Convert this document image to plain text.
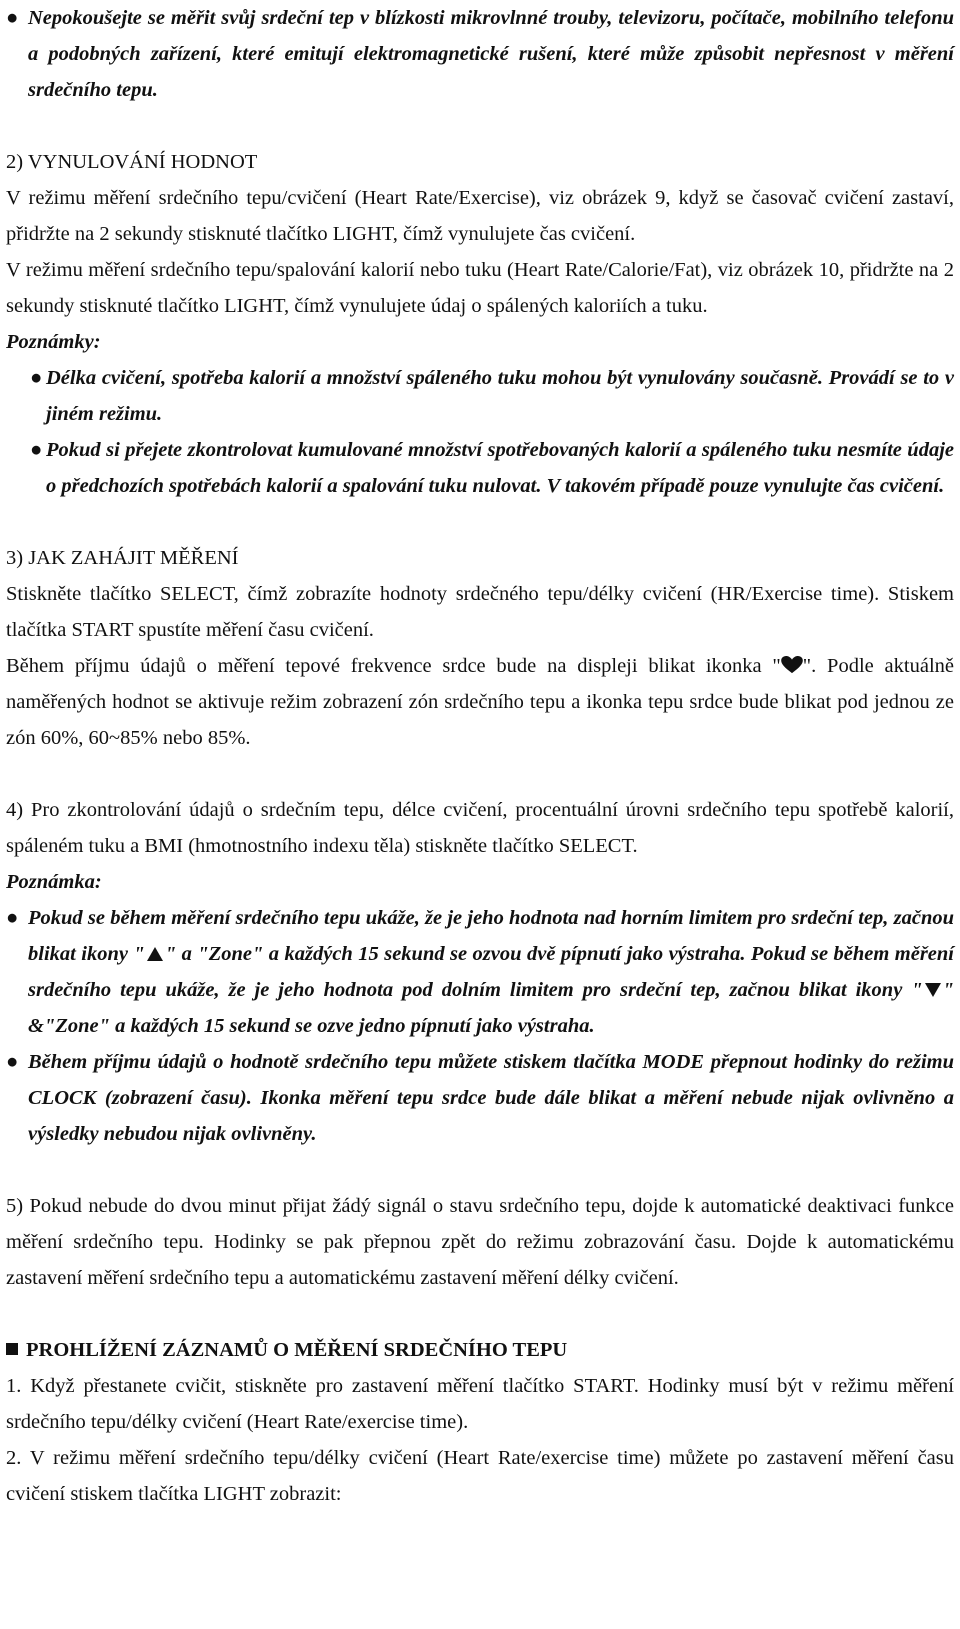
● Nepokoušejte se měřit svůj srdeční tep v blízkosti mikrovlnné trouby, televizoru, počítače, mobilního telefonu a podobných zařízení, které emitují elektromagnetické rušení, které může způsobit nepřesnost v měření srdečního tepu.

2) VYNULOVÁNÍ HODNOT

V režimu měření srdečního tepu/cvičení (Heart Rate/Exercise), viz obrázek 9, když se časovač cvičení zastaví, přidržte na 2 sekundy stisknuté tlačítko LIGHT, čímž vynulujete čas cvičení.

V režimu měření srdečního tepu/spalování kalorií nebo tuku (Heart Rate/Calorie/Fat), viz obrázek 10, přidržte na 2 sekundy stisknuté tlačítko LIGHT, čímž vynulujete údaj o spálených kaloriích a tuku.

Poznámky:

● Délka cvičení, spotřeba kalorií a množství spáleného tuku mohou být vynulovány současně. Provádí se to v jiném režimu.
● Pokud si přejete zkontrolovat kumulované množství spotřebovaných kalorií a spáleného tuku nesmíte údaje o předchozích spotřebách kalorií a spalování tuku nulovat. V takovém případě pouze vynulujte čas cvičení.

3) JAK ZAHÁJIT MĚŘENÍ

Stiskněte tlačítko SELECT, čímž zobrazíte hodnoty srdečného tepu/délky cvičení (HR/Exercise time). Stiskem tlačítka START spustíte měření času cvičení.

Během příjmu údajů o měření tepové frekvence srdce bude na displeji blikat ikonka " ". Podle aktuálně naměřených hodnot se aktivuje režim zobrazení zón srdečního tepu a ikonka tepu srdce bude blikat pod jednou ze zón 60%, 60~85% nebo 85%.

4) Pro zkontrolování údajů o srdečním tepu, délce cvičení, procentuální úrovni srdečního tepu spotřebě kalorií, spáleném tuku a BMI (hmotnostního indexu těla) stiskněte tlačítko SELECT.

Poznámka:

● Pokud se během měření srdečního tepu ukáže, že je jeho hodnota nad horním limitem pro srdeční tep, začnou blikat ikony " " a "Zone" a každých 15 sekund se ozvou dvě pípnutí jako výstraha. Pokud se během měření srdečního tepu ukáže, že je jeho hodnota pod dolním limitem pro srdeční tep, začnou blikat ikony " " &"Zone" a každých 15 sekund se ozve jedno pípnutí jako výstraha.
● Během příjmu údajů o hodnotě srdečního tepu můžete stiskem tlačítka MODE přepnout hodinky do režimu CLOCK (zobrazení času). Ikonka měření tepu srdce bude dále blikat a měření nebude nijak ovlivněno a výsledky nebudou nijak ovlivněny.

5) Pokud nebude do dvou minut přijat žádý signál o stavu srdečního tepu, dojde k automatické deaktivaci funkce měření srdečního tepu. Hodinky se pak přepnou zpět do režimu zobrazování času. Dojde k automatickému zastavení měření srdečního tepu a automatickému zastavení měření délky cvičení.

PROHLÍŽENÍ ZÁZNAMŮ O MĚŘENÍ SRDEČNÍHO TEPU

1. Když přestanete cvičit, stiskněte pro zastavení měření tlačítko START. Hodinky musí být v režimu měření srdečního tepu/délky cvičení (Heart Rate/exercise time).

2. V režimu měření srdečního tepu/délky cvičení (Heart Rate/exercise time) můžete po zastavení měření času cvičení stiskem tlačítka LIGHT zobrazit:
